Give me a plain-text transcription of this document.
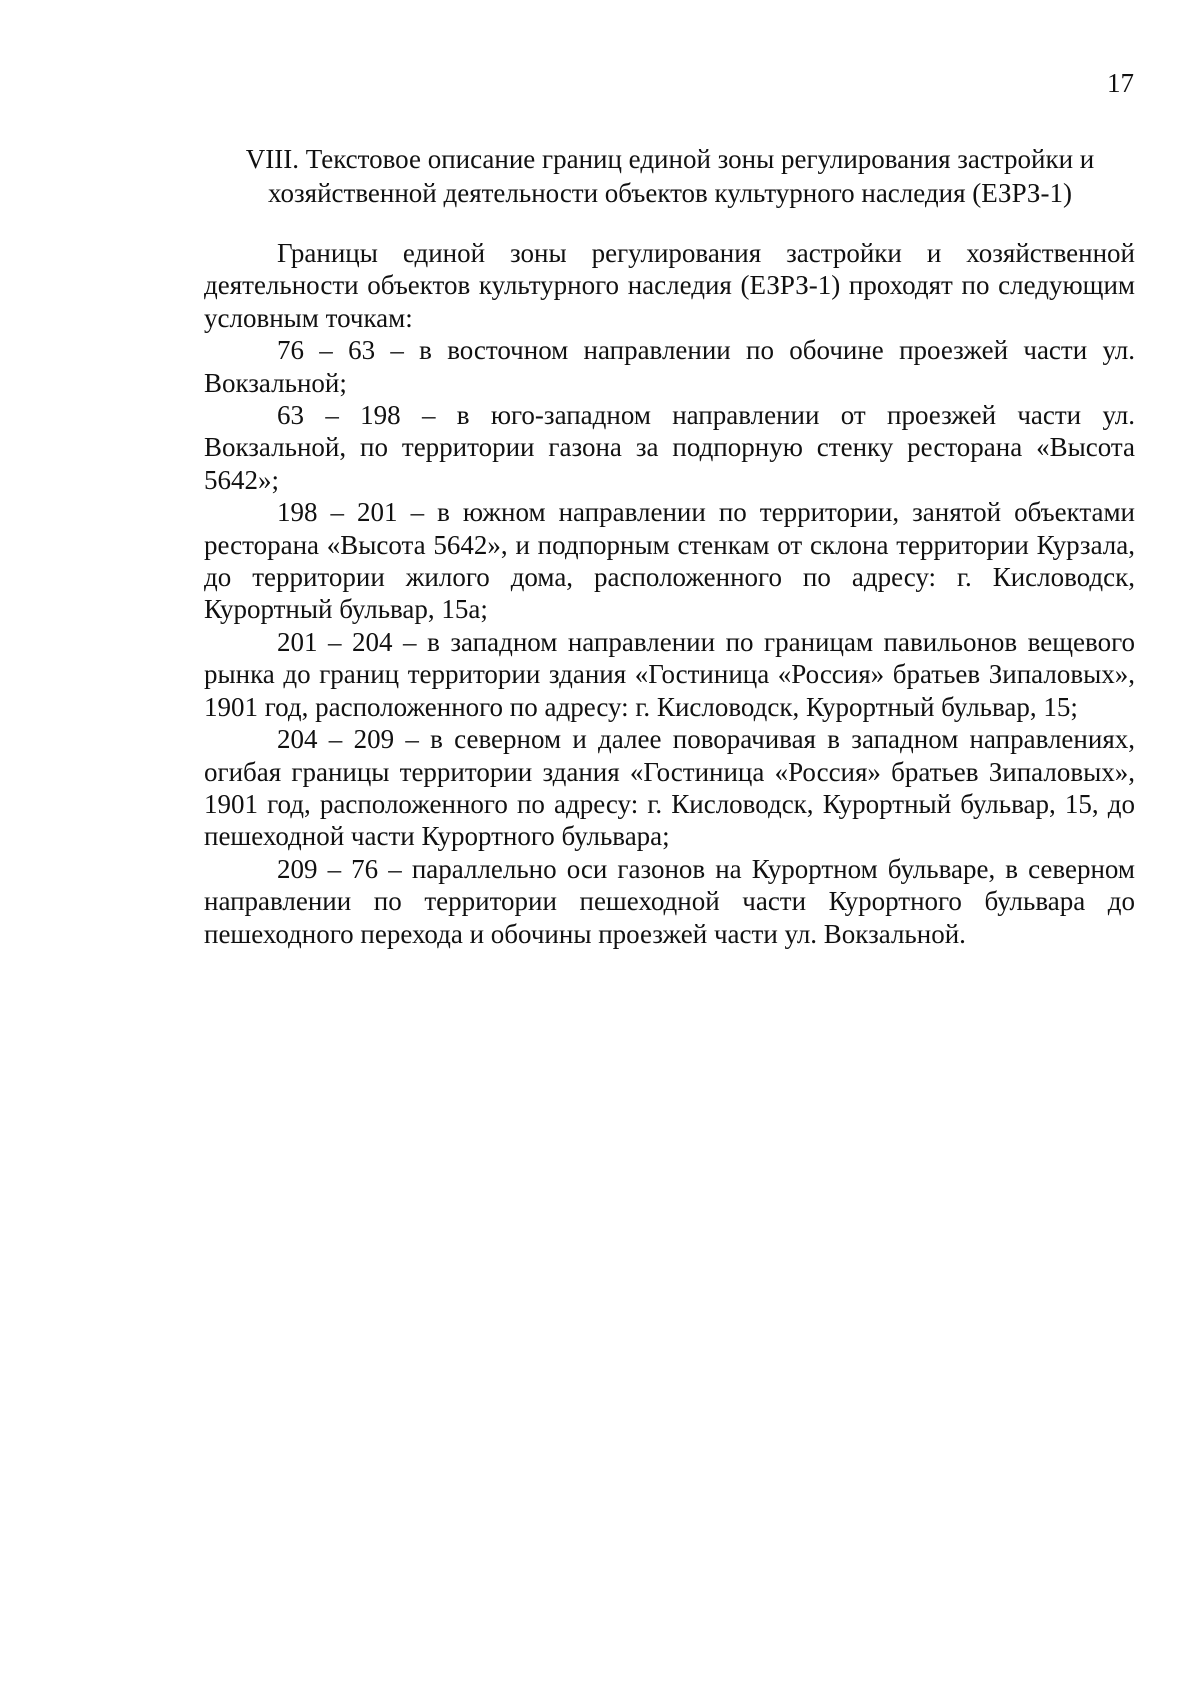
17
VIII. Текстовое описание границ единой зоны регулирования застройки и
хозяйственной деятельности объектов культурного наследия (ЕЗРЗ-1)

Границы единой зоны регулирования застройки и хозяйственной деятельности объектов культурного наследия (ЕЗРЗ-1) проходят по следующим условным точкам:

76 – 63 – в восточном направлении по обочине проезжей части ул. Вокзальной;

63 – 198 – в юго-западном направлении от проезжей части ул. Вокзальной, по территории газона за подпорную стенку ресторана «Высота 5642»;

198 – 201 – в южном направлении по территории, занятой объектами ресторана «Высота 5642», и подпорным стенкам от склона территории Курзала, до территории жилого дома, расположенного по адресу: г. Кисловодск, Курортный бульвар, 15а;

201 – 204 – в западном направлении по границам павильонов вещевого рынка до границ территории здания «Гостиница «Россия» братьев Зипаловых», 1901 год, расположенного по адресу: г. Кисловодск, Курортный бульвар, 15;

204 – 209 – в северном и далее поворачивая в западном направлениях, огибая границы территории здания «Гостиница «Россия» братьев Зипаловых», 1901 год, расположенного по адресу: г. Кисловодск, Курортный бульвар, 15, до пешеходной части Курортного бульвара;

209 – 76 – параллельно оси газонов на Курортном бульваре, в северном направлении по территории пешеходной части Курортного бульвара до пешеходного перехода и обочины проезжей части ул. Вокзальной.
